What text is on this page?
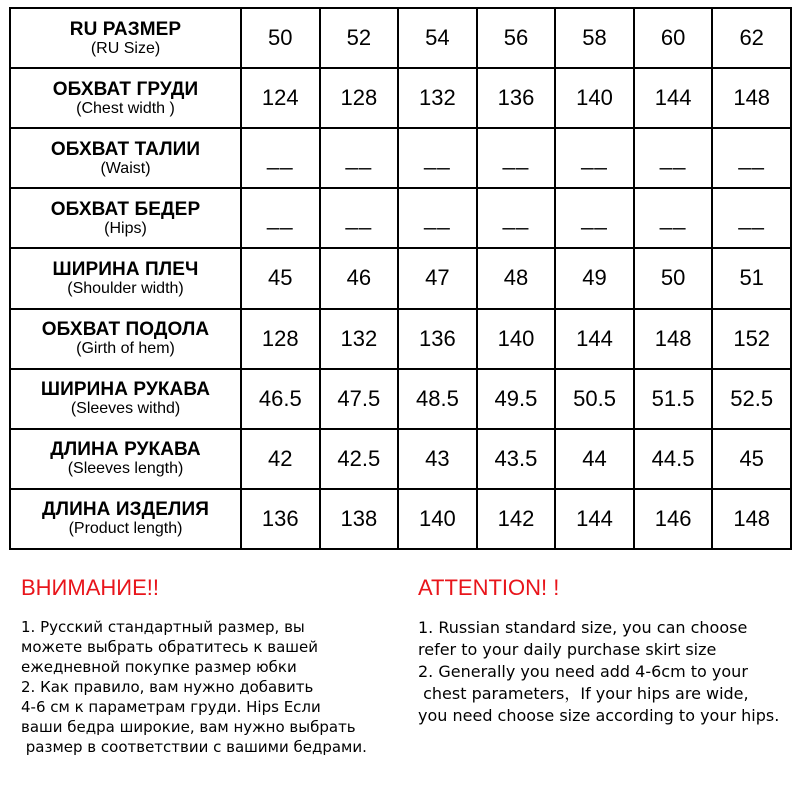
RU РАЗМЕР
(RU Size)	50	52	54	56	58	60	62

ОБХВАТ ГРУДИ
(Chest width )	124	128	132	136	140	144	148

ОБХВАТ ТАЛИИ
(Waist)	__	__	__	__	__	__	__

ОБХВАТ БЕДЕР
(Hips)	__	__	__	__	__	__	__

ШИРИНА ПЛЕЧ
(Shoulder width)	45	46	47	48	49	50	51

ОБХВАТ ПОДОЛА
(Girth of hem)	128	132	136	140	144	148	152

ШИРИНА РУКАВА
(Sleeves withd)	46.5	47.5	48.5	49.5	50.5	51.5	52.5

ДЛИНА РУКАВА
(Sleeves length)	42	42.5	43	43.5	44	44.5	45

ДЛИНА ИЗДЕЛИЯ
(Product length)	136	138	140	142	144	146	148
ВНИМАНИЕ!!
1. Русский стандартный размер, вы
можете выбрать обратитесь к вашей
ежедневной покупке размер юбки
2. Как правило, вам нужно добавить
4-6 см к параметрам груди. Hips Если
ваши бедра широкие, вам нужно выбрать
размер в соответствии с вашими бедрами.
ATTENTION! !
1. Russian standard size, you can choose
refer to your daily purchase skirt size
2. Generally you need add 4-6cm to your
chest parameters，If your hips are wide,
you need choose size according to your hips.
